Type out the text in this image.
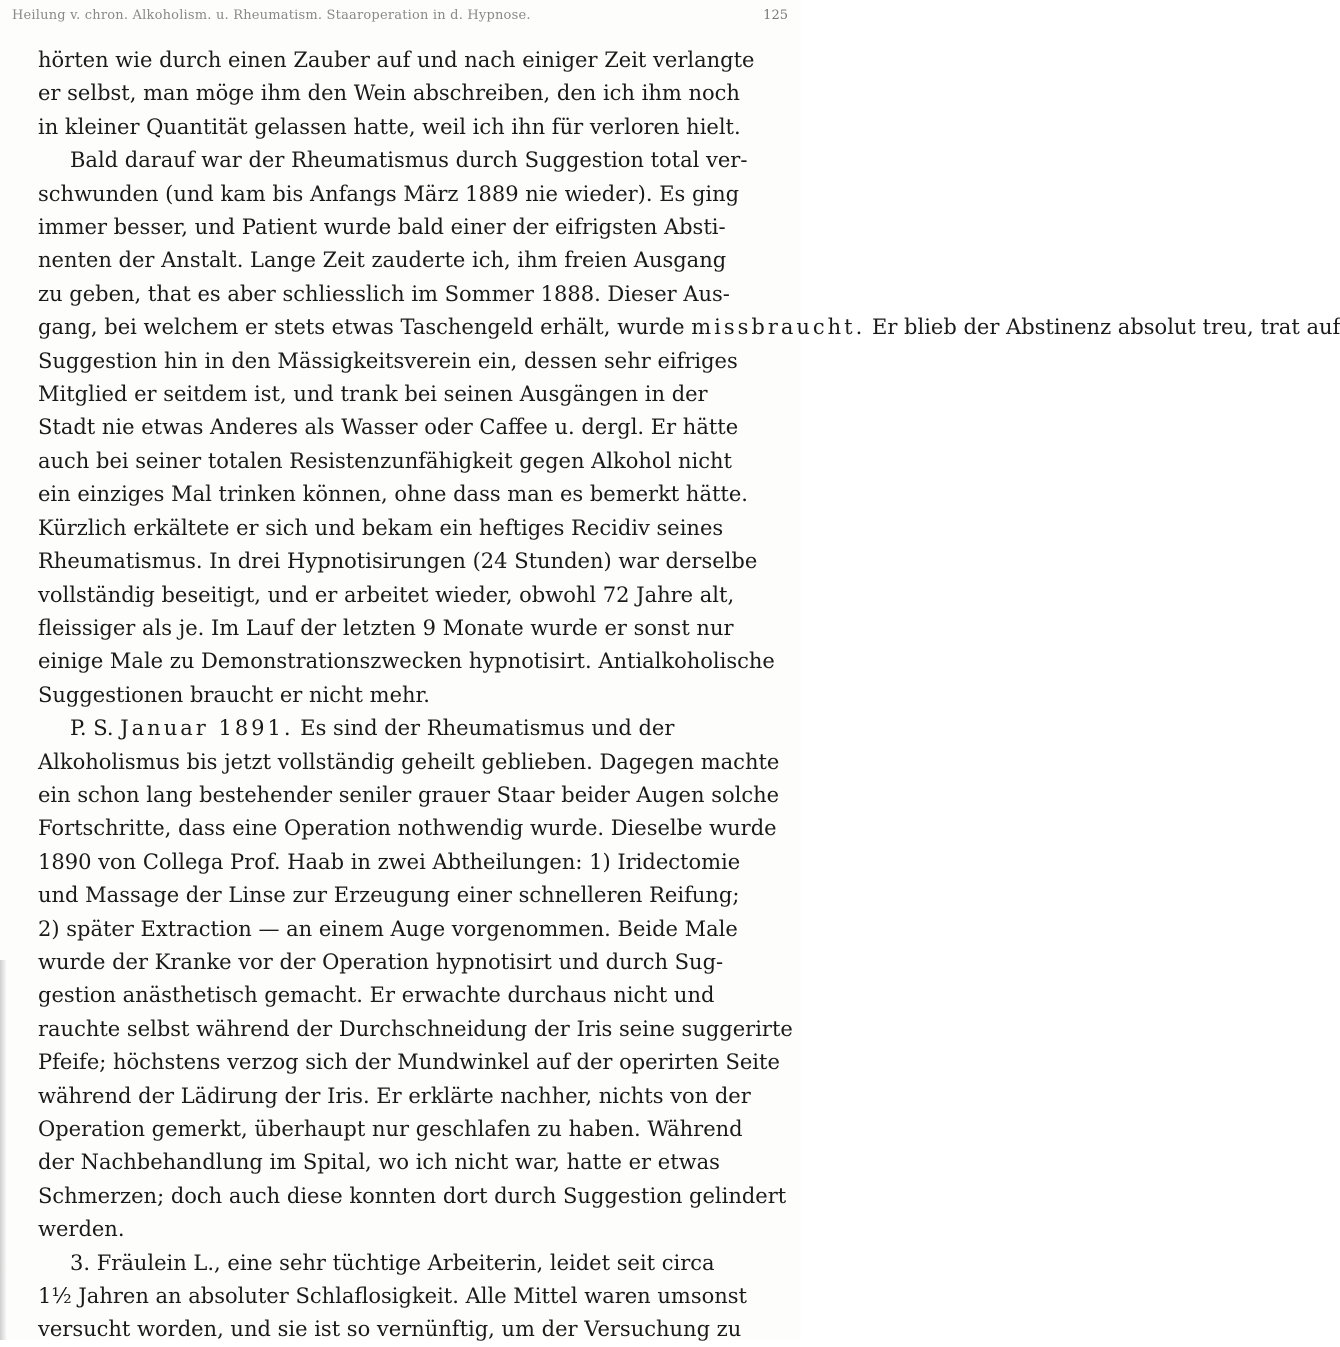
Heilung v. chron. Alkoholism. u. Rheumatism. Staaroperation in d. Hypnose.	125
hörten wie durch einen Zauber auf und nach einiger Zeit verlangte
er selbst, man möge ihm den Wein abschreiben, den ich ihm noch
in kleiner Quantität gelassen hatte, weil ich ihn für verloren hielt.
Bald darauf war der Rheumatismus durch Suggestion total ver-
schwunden (und kam bis Anfangs März 1889 nie wieder). Es ging
immer besser, und Patient wurde bald einer der eifrigsten Absti-
nenten der Anstalt. Lange Zeit zauderte ich, ihm freien Ausgang
zu geben, that es aber schliesslich im Sommer 1888. Dieser Aus-
gang, bei welchem er stets etwas Taschengeld erhält, wurde missbraucht. Er blieb der Abstinenz absolut treu, trat auf
Suggestion hin in den Mässigkeitsverein ein, dessen sehr eifriges
Mitglied er seitdem ist, und trank bei seinen Ausgängen in der
Stadt nie etwas Anderes als Wasser oder Caffee u. dergl. Er hätte
auch bei seiner totalen Resistenzunfähigkeit gegen Alkohol nicht
ein einziges Mal trinken können, ohne dass man es bemerkt hätte.
Kürzlich erkältete er sich und bekam ein heftiges Recidiv seines
Rheumatismus. In drei Hypnotisirungen (24 Stunden) war derselbe
vollständig beseitigt, und er arbeitet wieder, obwohl 72 Jahre alt,
fleissiger als je. Im Lauf der letzten 9 Monate wurde er sonst nur
einige Male zu Demonstrationszwecken hypnotisirt. Antialkoholische
Suggestionen braucht er nicht mehr.
P. S. Januar 1891. Es sind der Rheumatismus und der
Alkoholismus bis jetzt vollständig geheilt geblieben. Dagegen machte
ein schon lang bestehender seniler grauer Staar beider Augen solche
Fortschritte, dass eine Operation nothwendig wurde. Dieselbe wurde
1890 von Collega Prof. Haab in zwei Abtheilungen: 1) Iridectomie
und Massage der Linse zur Erzeugung einer schnelleren Reifung;
2) später Extraction — an einem Auge vorgenommen. Beide Male
wurde der Kranke vor der Operation hypnotisirt und durch Sug-
gestion anästhetisch gemacht. Er erwachte durchaus nicht und
rauchte selbst während der Durchschneidung der Iris seine suggerirte
Pfeife; höchstens verzog sich der Mundwinkel auf der operirten Seite
während der Lädirung der Iris. Er erklärte nachher, nichts von der
Operation gemerkt, überhaupt nur geschlafen zu haben. Während
der Nachbehandlung im Spital, wo ich nicht war, hatte er etwas
Schmerzen; doch auch diese konnten dort durch Suggestion gelindert
werden.
3. Fräulein L., eine sehr tüchtige Arbeiterin, leidet seit circa
1½ Jahren an absoluter Schlaflosigkeit. Alle Mittel waren umsonst
versucht worden, und sie ist so vernünftig, um der Versuchung zu
